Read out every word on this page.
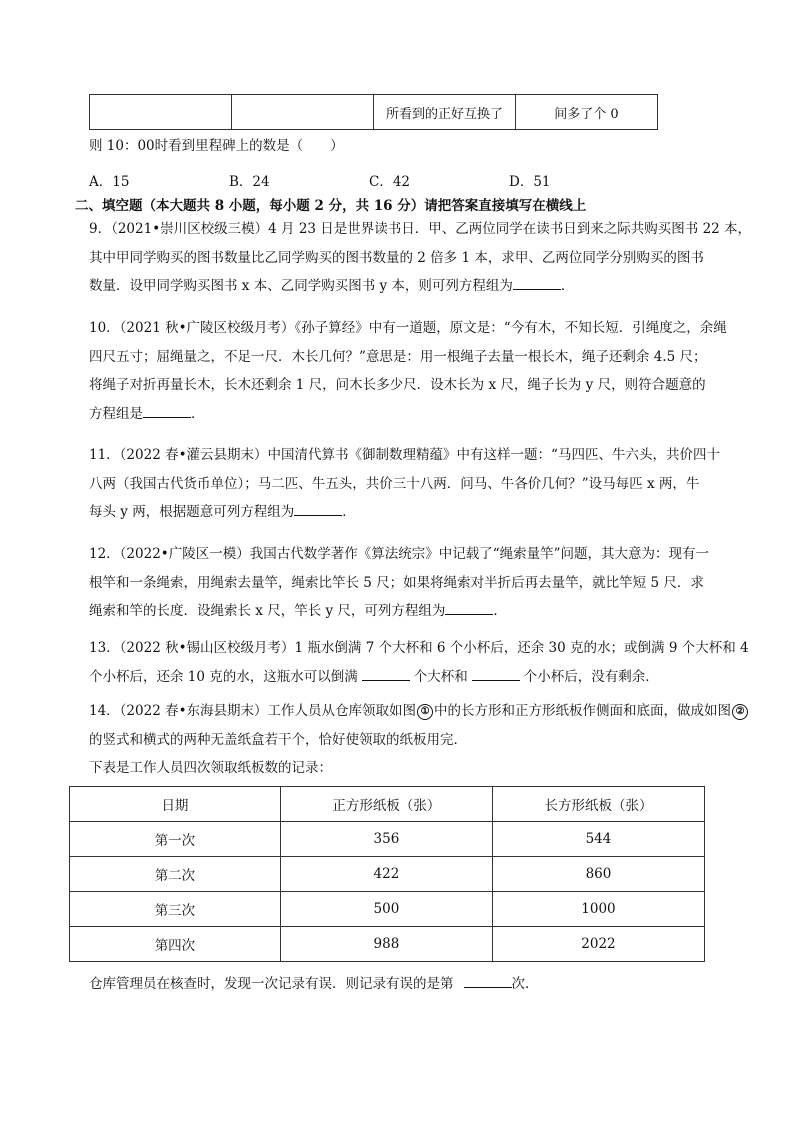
		所看到的正好互换了	间多了个 0
则 10：00时看到里程碑上的数是（　　）
A．15	B．24	C．42	D．51
二、填空题（本大题共 8 小题，每小题 2 分，共 16 分）请把答案直接填写在横线上
9．（2021•崇川区校级三模）4 月 23 日是世界读书日．甲、乙两位同学在读书日到来之际共购买图书 22 本，
其中甲同学购买的图书数量比乙同学购买的图书数量的 2 倍多 1 本，求甲、乙两位同学分别购买的图书
数量．设甲同学购买图书 x 本、乙同学购买图书 y 本，则可列方程组为	．
10．（2021 秋•广陵区校级月考）《孙子算经》中有一道题，原文是：“今有木，不知长短．引绳度之，余绳
四尺五寸；屈绳量之，不足一尺．木长几何？”意思是：用一根绳子去量一根长木，绳子还剩余 4.5 尺；
将绳子对折再量长木，长木还剩余 1 尺，问木长多少尺．设木长为 x 尺，绳子长为 y 尺，则符合题意的
方程组是	．
11．（2022 春•灌云县期末）中国清代算书《御制数理精蕴》中有这样一题：“马四匹、牛六头，共价四十
八两（我国古代货币单位）；马二匹、牛五头，共价三十八两．问马、牛各价几何？”设马每匹 x 两，牛
每头 y 两，根据题意可列方程组为	．
12．（2022•广陵区一模）我国古代数学著作《算法统宗》中记载了“绳索量竿”问题，其大意为：现有一
根竿和一条绳索，用绳索去量竿，绳索比竿长 5 尺；如果将绳索对半折后再去量竿，就比竿短 5 尺．求
绳索和竿的长度．设绳索长 x 尺，竿长 y 尺，可列方程组为	．
13．（2022 秋•锡山区校级月考）1 瓶水倒满 7 个大杯和 6 个小杯后，还余 30 克的水；或倒满 9 个大杯和 4
个小杯后，还余 10 克的水，这瓶水可以倒满	个大杯和	个小杯后，没有剩余．
14．（2022 春•东海县期末）工作人员从仓库领取如图 ① 中的长方形和正方形纸板作侧面和底面，做成如图 ②
的竖式和横式的两种无盖纸盒若干个，恰好使领取的纸板用完．
下表是工作人员四次领取纸板数的记录：
日期	正方形纸板（张）	长方形纸板（张）
第一次	356	544
第二次	422	860
第三次	500	1000
第四次	988	2022
仓库管理员在核查时，发现一次记录有误．则记录有误的是第	次．
